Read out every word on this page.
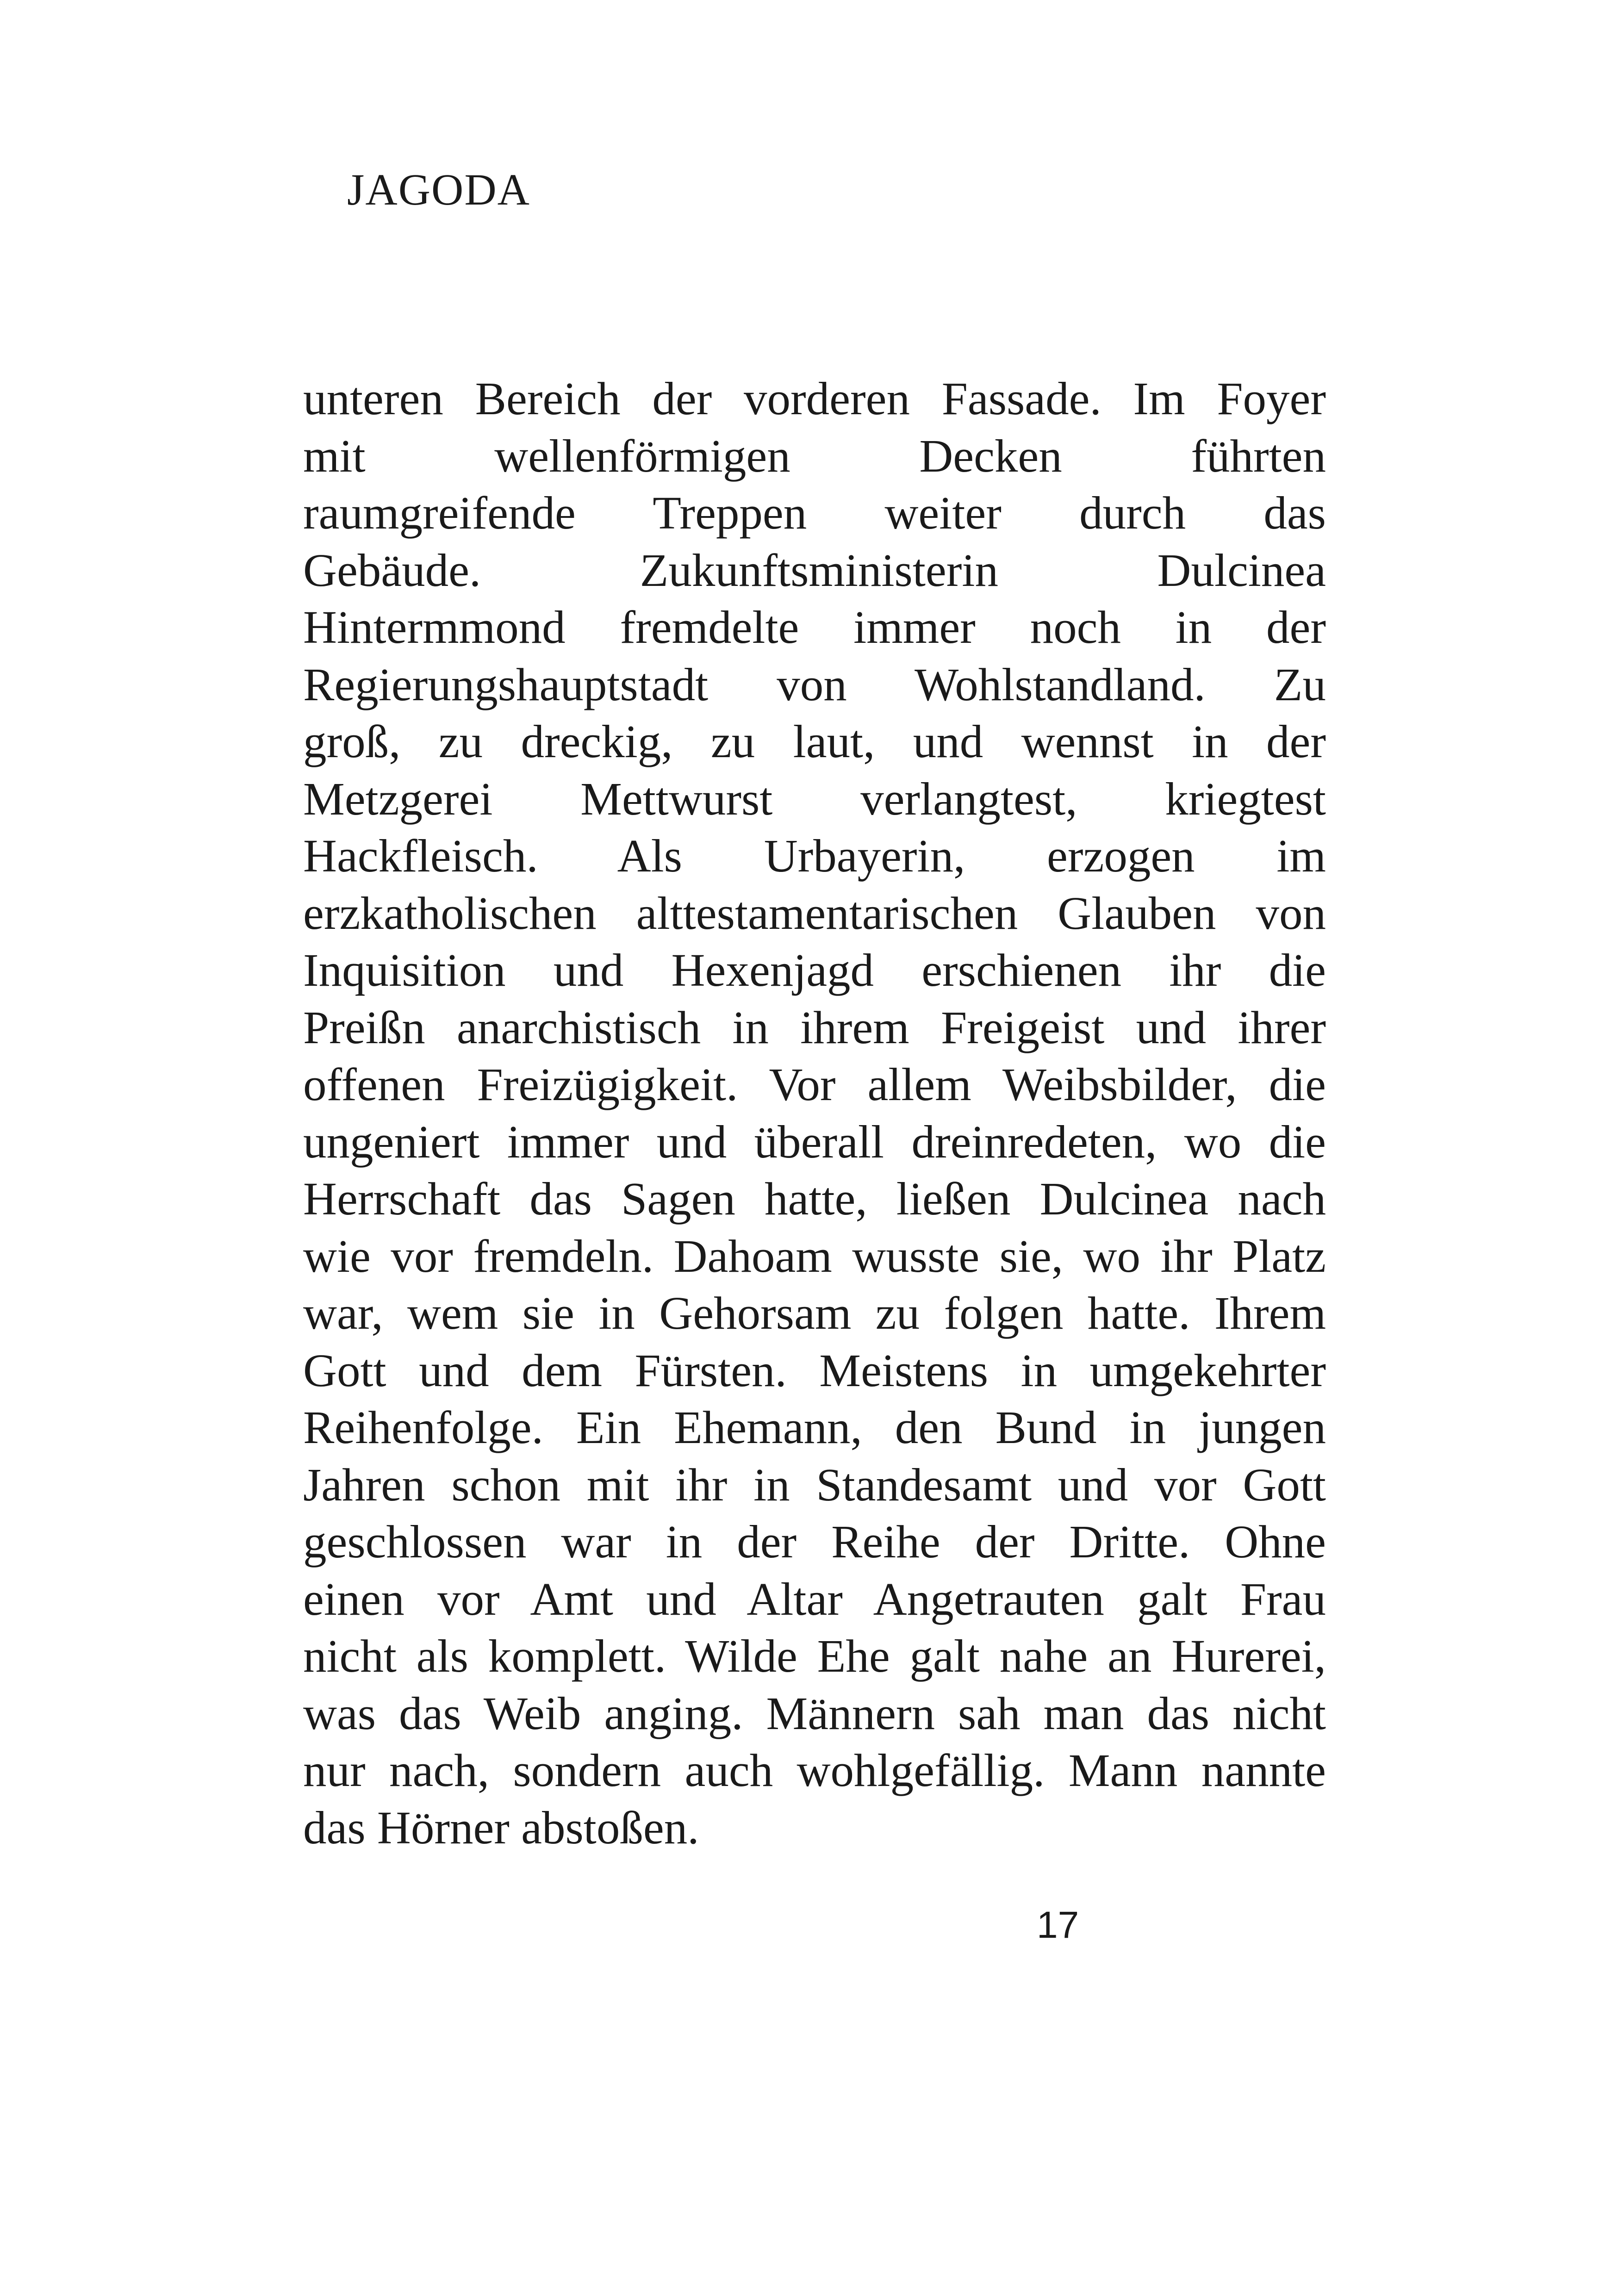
JAGODA
unteren Bereich der vorderen Fassade. Im Foyer
mit wellenförmigen Decken führten
raumgreifende Treppen weiter durch das
Gebäude. Zukunftsministerin Dulcinea
Hintermmond fremdelte immer noch in der
Regierungshauptstadt von Wohlstandland. Zu
groß, zu dreckig, zu laut, und wennst in der
Metzgerei Mettwurst verlangtest, kriegtest
Hackfleisch. Als Urbayerin, erzogen im
erzkatholischen alttestamentarischen Glauben von
Inquisition und Hexenjagd erschienen ihr die
Preißn anarchistisch in ihrem Freigeist und ihrer
offenen Freizügigkeit. Vor allem Weibsbilder, die
ungeniert immer und überall dreinredeten, wo die
Herrschaft das Sagen hatte, ließen Dulcinea nach
wie vor fremdeln. Dahoam wusste sie, wo ihr Platz
war, wem sie in Gehorsam zu folgen hatte. Ihrem
Gott und dem Fürsten. Meistens in umgekehrter
Reihenfolge. Ein Ehemann, den Bund in jungen
Jahren schon mit ihr in Standesamt und vor Gott
geschlossen war in der Reihe der Dritte. Ohne
einen vor Amt und Altar Angetrauten galt Frau
nicht als komplett. Wilde Ehe galt nahe an Hurerei,
was das Weib anging. Männern sah man das nicht
nur nach, sondern auch wohlgefällig. Mann nannte
das Hörner abstoßen.
17
